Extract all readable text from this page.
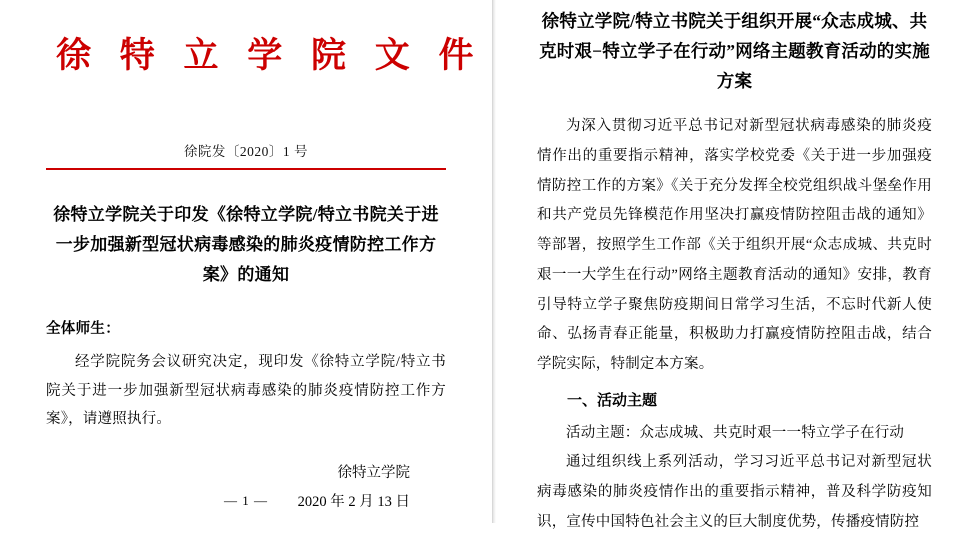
徐 特 立 学 院 文 件
徐院发〔2020〕1 号
徐特立学院关于印发《徐特立学院/特立书院关于进一步加强新型冠状病毒感染的肺炎疫情防控工作方案》的通知
全体师生：
经学院院务会议研究决定，现印发《徐特立学院/特立书院关于进一步加强新型冠状病毒感染的肺炎疫情防控工作方案》，请遵照执行。
徐特立学院
2020 年 2 月 13 日
— 1 —
徐特立学院/特立书院关于组织开展“众志成城、共克时艰−特立学子在行动”网络主题教育活动的实施方案

为深入贯彻习近平总书记对新型冠状病毒感染的肺炎疫情作出的重要指示精神，落实学校党委《关于进一步加强疫情防控工作的方案》《关于充分发挥全校党组织战斗堡垒作用和共产党员先锋模范作用坚决打赢疫情防控阻击战的通知》等部署，按照学生工作部《关于组织开展“众志成城、共克时艰一一大学生在行动”网络主题教育活动的通知》安排，教育引导特立学子聚焦防疫期间日常学习生活，不忘时代新人使命、弘扬青春正能量，积极助力打赢疫情防控阻击战，结合学院实际，特制定本方案。

一、活动主题

活动主题：众志成城、共克时艰一一特立学子在行动

通过组织线上系列活动，学习习近平总书记对新型冠状病毒感染的肺炎疫情作出的重要指示精神，普及科学防疫知识，宣传中国特色社会主义的巨大制度优势，传播疫情防控
